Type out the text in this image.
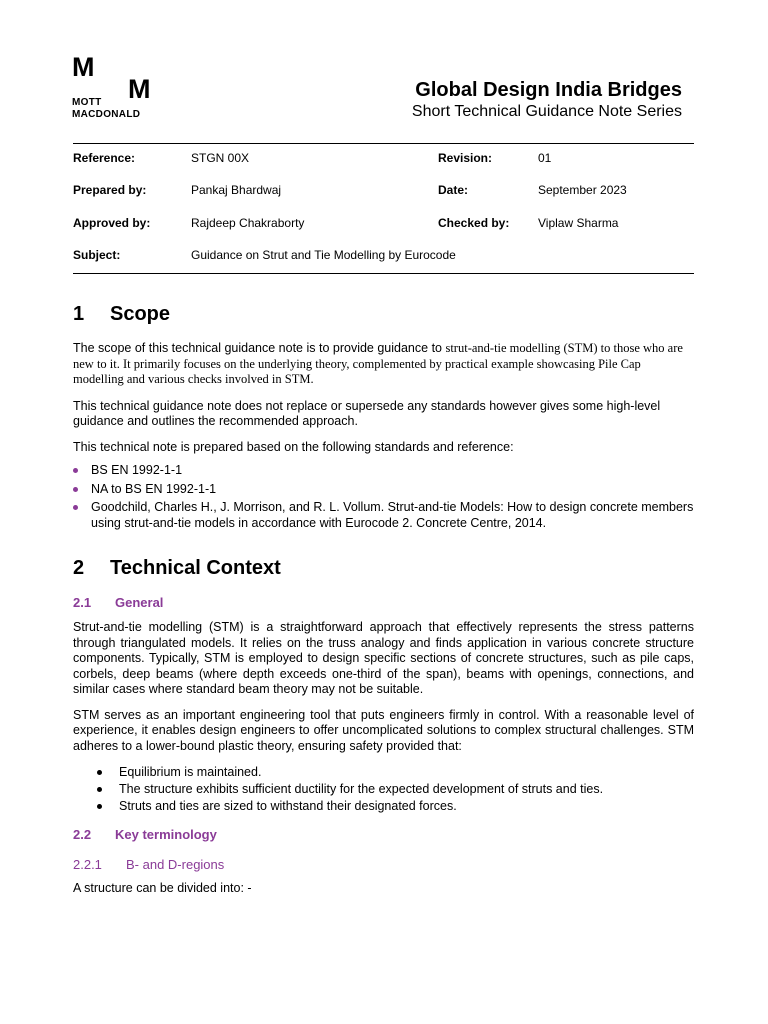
M
M
MOTT
MACDONALD
Global Design India Bridges
Short Technical Guidance Note Series
Reference:	STGN 00X	Revision:	01
Prepared by:	Pankaj Bhardwaj	Date:	September 2023
Approved by:	Rajdeep Chakraborty	Checked by: Viplaw Sharma
Subject:	Guidance on Strut and Tie Modelling by Eurocode
1 Scope

The scope of this technical guidance note is to provide guidance to strut-and-tie modelling (STM) to those who are new to it. It primarily focuses on the underlying theory, complemented by practical example showcasing Pile Cap modelling and various checks involved in STM.

This technical guidance note does not replace or supersede any standards however gives some high-level guidance and outlines the recommended approach.

This technical note is prepared based on the following standards and reference:

BS EN 1992-1-1
NA to BS EN 1992-1-1
Goodchild, Charles H., J. Morrison, and R. L. Vollum. Strut-and-tie Models: How to design concrete members using strut-and-tie models in accordance with Eurocode 2. Concrete Centre, 2014.
2 Technical Context
2.1 General

Strut-and-tie modelling (STM) is a straightforward approach that effectively represents the stress patterns through triangulated models. It relies on the truss analogy and finds application in various concrete structure components. Typically, STM is employed to design specific sections of concrete structures, such as pile caps, corbels, deep beams (where depth exceeds one-third of the span), beams with openings, connections, and similar cases where standard beam theory may not be suitable.

STM serves as an important engineering tool that puts engineers firmly in control. With a reasonable level of experience, it enables design engineers to offer uncomplicated solutions to complex structural challenges. STM adheres to a lower-bound plastic theory, ensuring safety provided that:

Equilibrium is maintained.
The structure exhibits sufficient ductility for the expected development of struts and ties.
Struts and ties are sized to withstand their designated forces.
2.2 Key terminology
2.2.1 B- and D-regions

A structure can be divided into: -
